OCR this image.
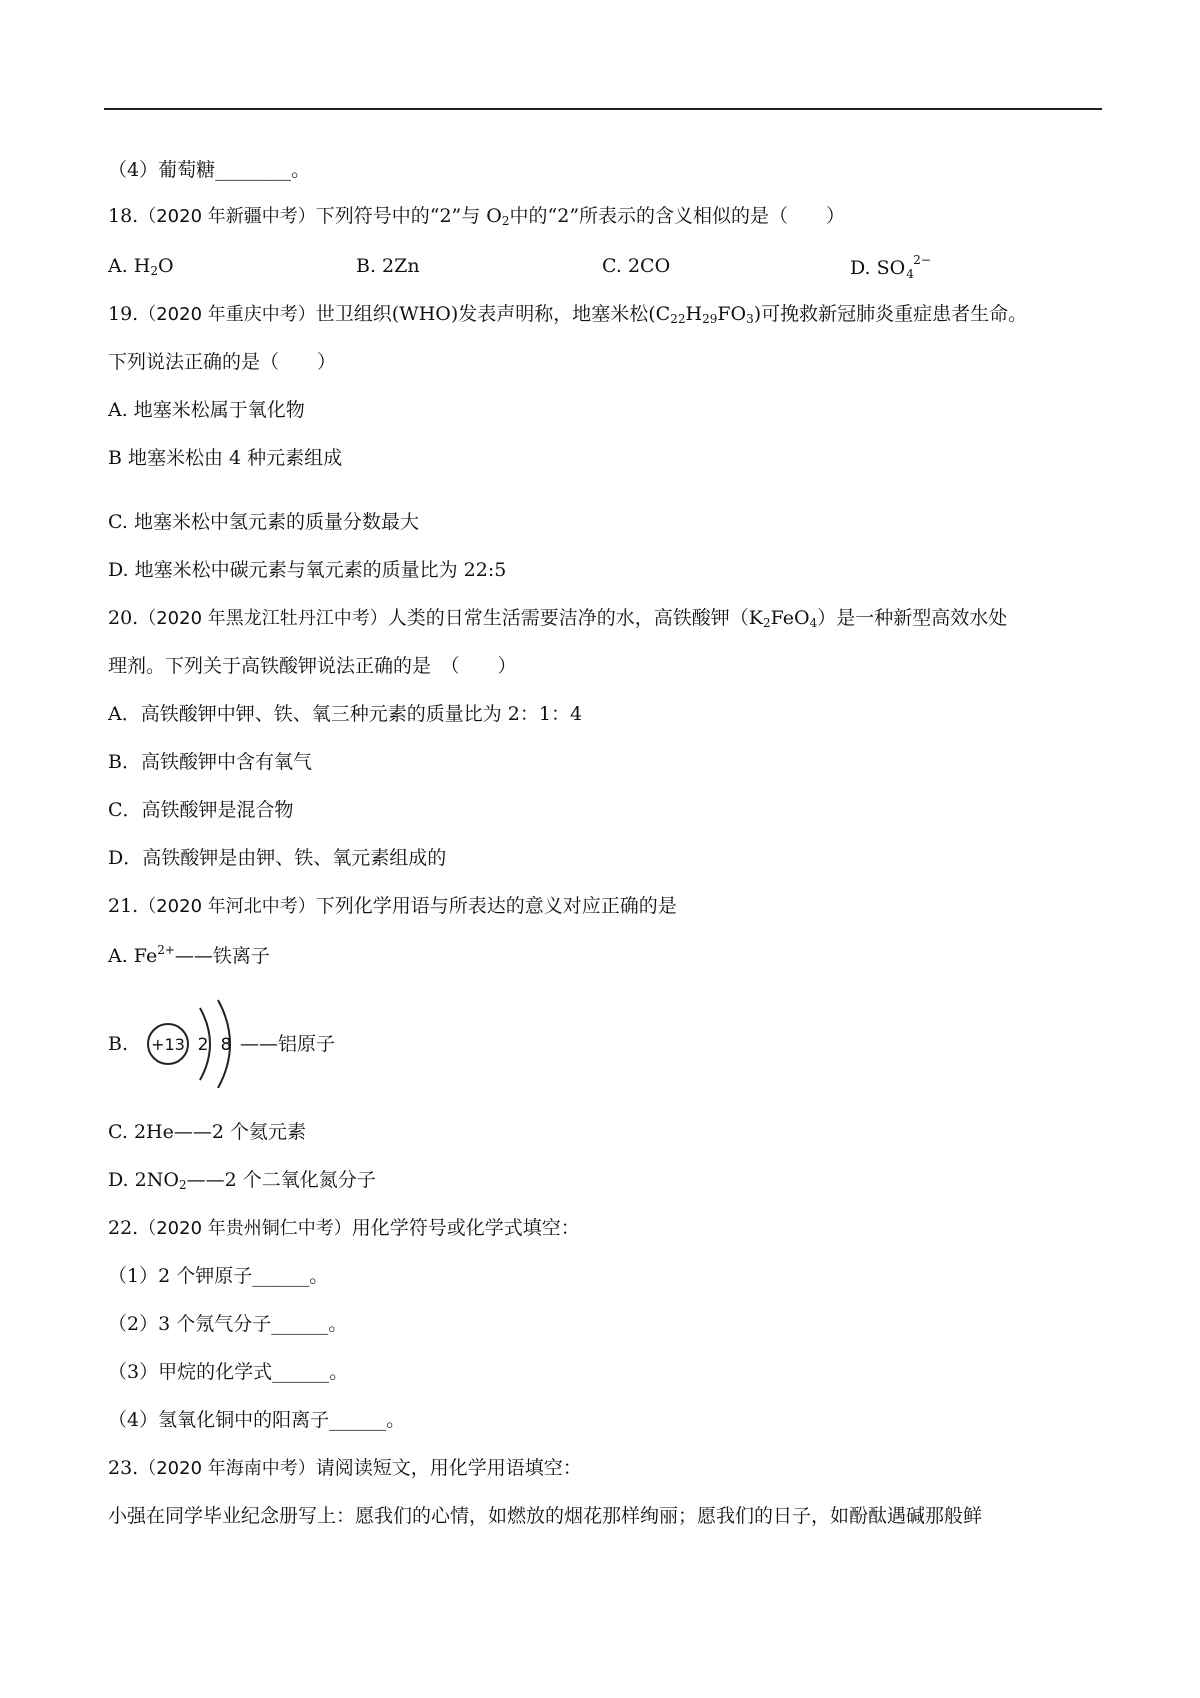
（4）葡萄糖________。
18.（2020 年新疆中考）下列符号中的“2”与 $O_2$中的“2”所表示的含义相似的是（　　）
A. $H_2O$	B. 2Zn	C. 2CO	D. SO 4
2−
19.（2020 年重庆中考）世卫组织(WHO)发表声明称，地塞米松$(C_{22}H_{29}FO_3)$可挽救新冠肺炎重症患者生命。
下列说法正确的是（　　）
A. 地塞米松属于氧化物
B 地塞米松由 4 种元素组成
C. 地塞米松中氢元素的质量分数最大
D. 地塞米松中碳元素与氧元素的质量比为 22:5
20.（2020 年黑龙江牡丹江中考）人类的日常生活需要洁净的水，高铁酸钾$(K_2FeO_4)$是一种新型高效水处
理剂。下列关于高铁酸钾说法正确的是　（　　）
A．高铁酸钾中钾、铁、氧三种元素的质量比为 2：1：4
B．高铁酸钾中含有氧气
C．高铁酸钾是混合物
D．高铁酸钾是由钾、铁、氧元素组成的
21.（2020 年河北中考）下列化学用语与所表达的意义对应正确的是
A. $Fe^{2+}——$铁离子
B. +13 2 8 ——铝原子
C. 2He——2 个氦元素
D. $2NO_2——2$ 个二氧化氮分子
22.（2020 年贵州铜仁中考）用化学符号或化学式填空：
（1）2 个钾原子______。
（2）3 个氖气分子______。
（3）甲烷的化学式______。
（4）氢氧化铜中的阳离子______。
23.（2020 年海南中考）请阅读短文，用化学用语填空：
小强在同学毕业纪念册写上：愿我们的心情，如燃放的烟花那样绚丽；愿我们的日子，如酚酞遇碱那般鲜
